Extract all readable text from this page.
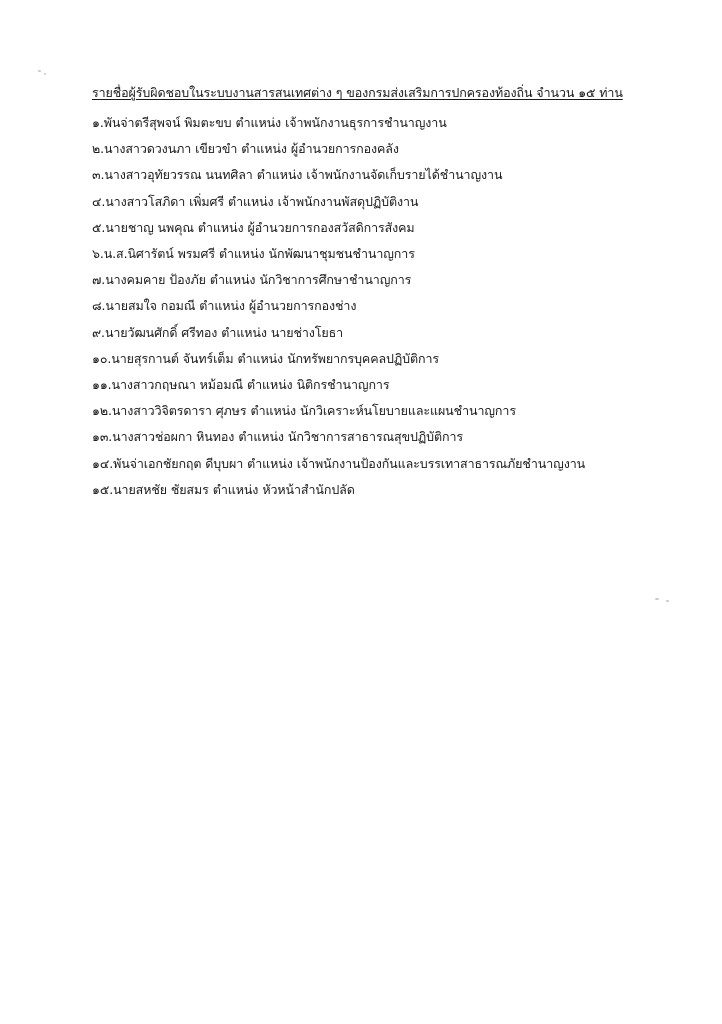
รายชื่อผู้รับผิดชอบในระบบงานสารสนเทศต่าง ๆ ของกรมส่งเสริมการปกครองท้องถิ่น จำนวน ๑๕ ท่าน
๑.พันจ่าตรีสุพจน์ พิมตะขบ ตำแหน่ง เจ้าพนักงานธุรการชำนาญงาน
๒.นางสาวดวงนภา เขียวขำ ตำแหน่ง ผู้อำนวยการกองคลัง
๓.นางสาวอุทัยวรรณ นนทศิลา ตำแหน่ง เจ้าพนักงานจัดเก็บรายได้ชำนาญงาน
๔.นางสาวโสภิดา เพิ่มศรี ตำแหน่ง เจ้าพนักงานพัสดุปฏิบัติงาน
๕.นายชาญ นพคุณ ตำแหน่ง ผู้อำนวยการกองสวัสดิการสังคม
๖.น.ส.นิศารัตน์ พรมศรี ตำแหน่ง นักพัฒนาชุมชนชำนาญการ
๗.นางคมคาย ป้องภัย ตำแหน่ง นักวิชาการศึกษาชำนาญการ
๘.นายสมใจ กอมณี ตำแหน่ง ผู้อำนวยการกองช่าง
๙.นายวัฒนศักดิ์ ศรีทอง ตำแหน่ง นายช่างโยธา
๑๐.นายสุรกานต์ จันทร์เต็ม ตำแหน่ง นักทรัพยากรบุคคลปฏิบัติการ
๑๑.นางสาวกฤษณา หม้อมณี ตำแหน่ง นิติกรชำนาญการ
๑๒.นางสาววิจิตรดารา ศุภษร ตำแหน่ง นักวิเคราะห์นโยบายและแผนชำนาญการ
๑๓.นางสาวช่อผกา หินทอง ตำแหน่ง นักวิชาการสาธารณสุขปฏิบัติการ
๑๔.พันจ่าเอกชัยกฤต ดีบุบผา ตำแหน่ง เจ้าพนักงานป้องกันและบรรเทาสาธารณภัยชำนาญงาน
๑๕.นายสหชัย ชัยสมร ตำแหน่ง หัวหน้าสำนักปลัด
